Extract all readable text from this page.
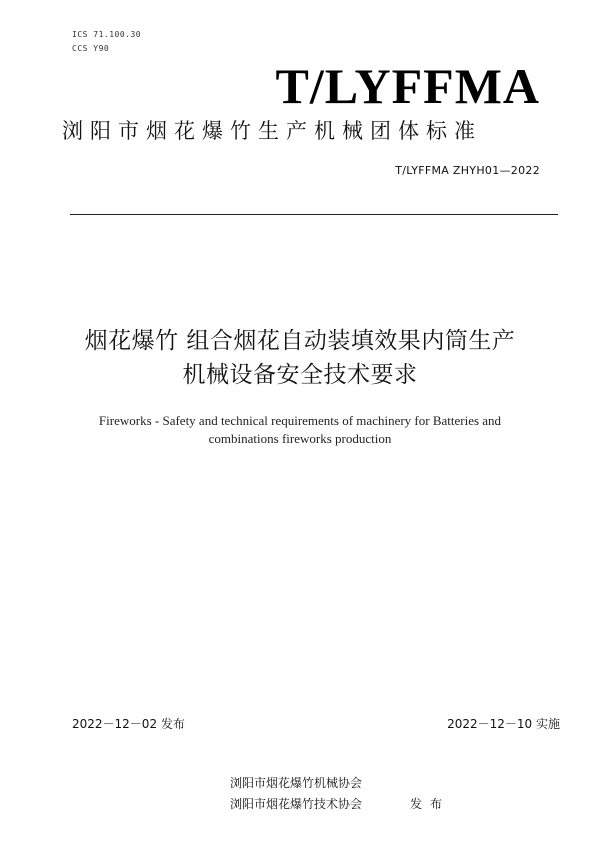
ICS 71.100.30
CCS Y90
T/LYFFMA
浏阳市烟花爆竹生产机械团体标准
T/LYFFMA ZHYH01—2022
烟花爆竹 组合烟花自动装填效果内筒生产
机械设备安全技术要求
Fireworks - Safety and technical requirements of machinery for Batteries and
combinations fireworks production
2022－12－02 发布	2022－12－10 实施
浏阳市烟花爆竹机械协会
浏阳市烟花爆竹技术协会	发布
